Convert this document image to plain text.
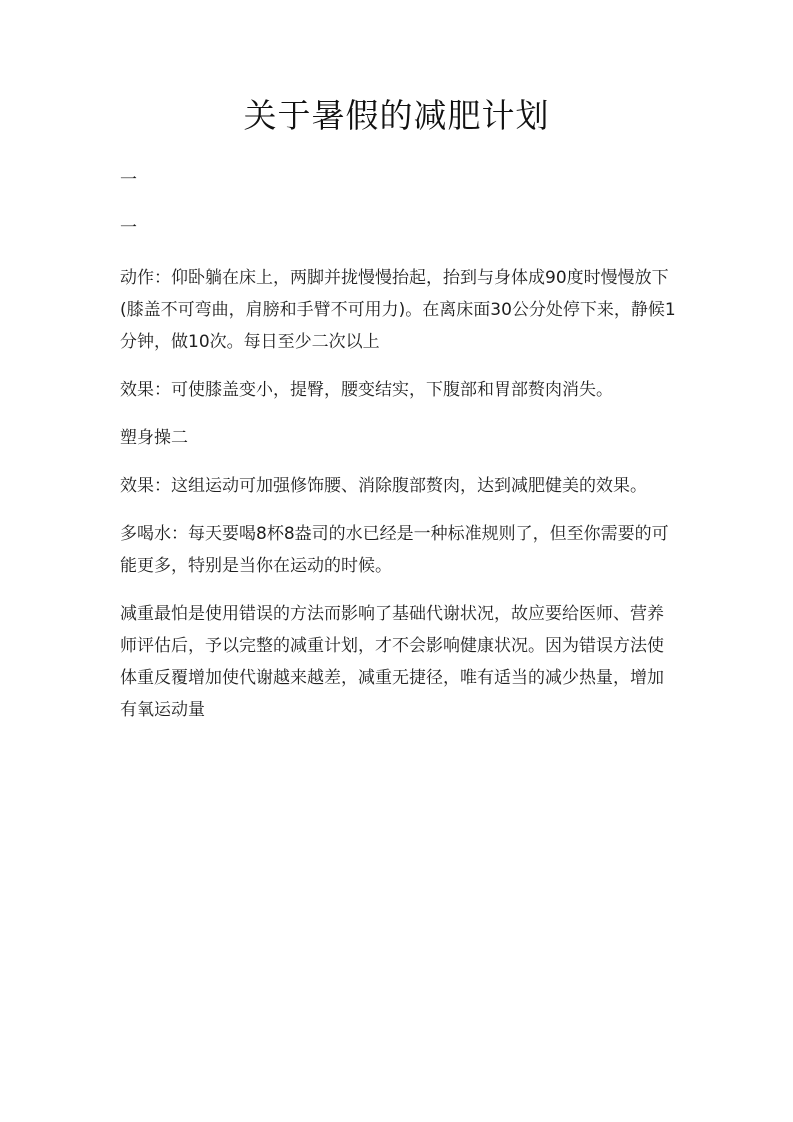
关于暑假的减肥计划
一
一
动作：仰卧躺在床上，两脚并拢慢慢抬起，抬到与身体成90度时慢慢放下(膝盖不可弯曲，肩膀和手臂不可用力)。在离床面30公分处停下来，静候1分钟，做10次。每日至少二次以上
效果：可使膝盖变小，提臀，腰变结实，下腹部和胃部赘肉消失。
塑身操二
效果：这组运动可加强修饰腰、消除腹部赘肉，达到减肥健美的效果。
多喝水：每天要喝8杯8盎司的水已经是一种标准规则了，但至你需要的可能更多，特别是当你在运动的时候。
减重最怕是使用错误的方法而影响了基础代谢状况，故应要给医师、营养师评估后，予以完整的减重计划，才不会影响健康状况。因为错误方法使体重反覆增加使代谢越来越差，减重无捷径，唯有适当的减少热量，增加有氧运动量
